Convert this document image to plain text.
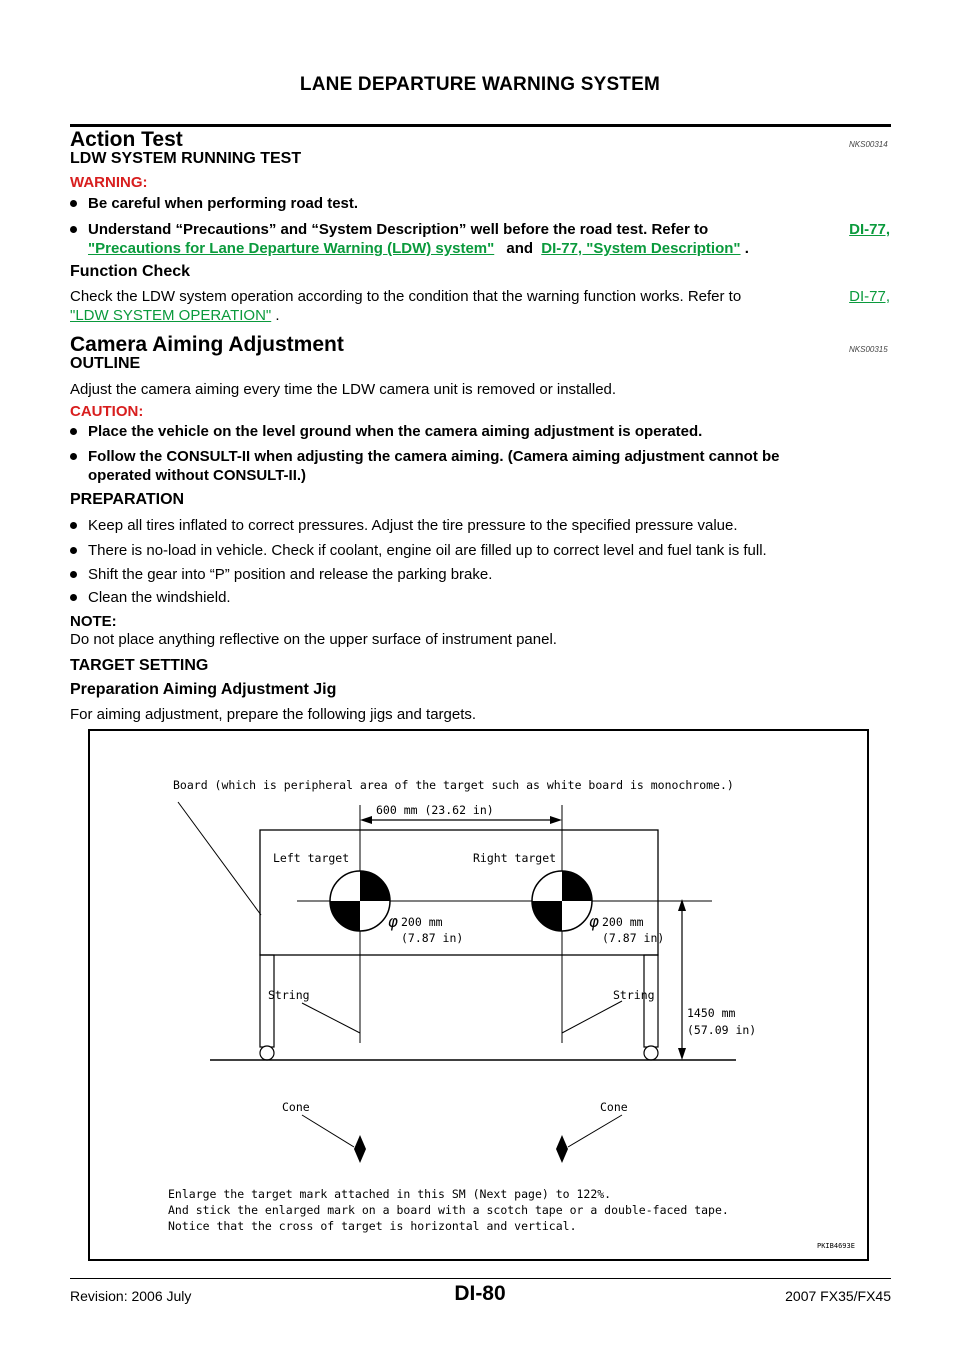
LANE DEPARTURE WARNING SYSTEM
Action Test	NKS00314
LDW SYSTEM RUNNING TEST
WARNING:
Be careful when performing road test.
Understand “Precautions” and “System Description” well before the road test. Refer to	DI-77,
"Precautions for Lane Departure Warning (LDW) system" and DI-77, "System Description" .
Function Check
Check the LDW system operation according to the condition that the warning function works. Refer to	DI-77,
"LDW SYSTEM OPERATION" .
Camera Aiming Adjustment	NKS00315
OUTLINE
Adjust the camera aiming every time the LDW camera unit is removed or installed.
CAUTION:
Place the vehicle on the level ground when the camera aiming adjustment is operated.
Follow the CONSULT-II when adjusting the camera aiming. (Camera aiming adjustment cannot be
operated without CONSULT-II.)
PREPARATION
Keep all tires inflated to correct pressures. Adjust the tire pressure to the specified pressure value.
There is no-load in vehicle. Check if coolant, engine oil are filled up to correct level and fuel tank is full.
Shift the gear into “P” position and release the parking brake.
Clean the windshield.
NOTE:
Do not place anything reflective on the upper surface of instrument panel.
TARGET SETTING
Preparation Aiming Adjustment Jig
For aiming adjustment, prepare the following jigs and targets.
φ	φ
Board (which is peripheral area of the target such as white board is monochrome.)
600 mm (23.62 in)
Left target	Right target
200 mm
(7.87 in)
200 mm
(7.87 in)
String	String
1450 mm
(57.09 in)
Cone	Cone
Enlarge the target mark attached in this SM (Next page) to 122%.
And stick the enlarged mark on a board with a scotch tape or a double-faced tape.
Notice that the cross of target is horizontal and vertical.
PKIB4693E
Revision: 2006 July	DI-80	2007 FX35/FX45
